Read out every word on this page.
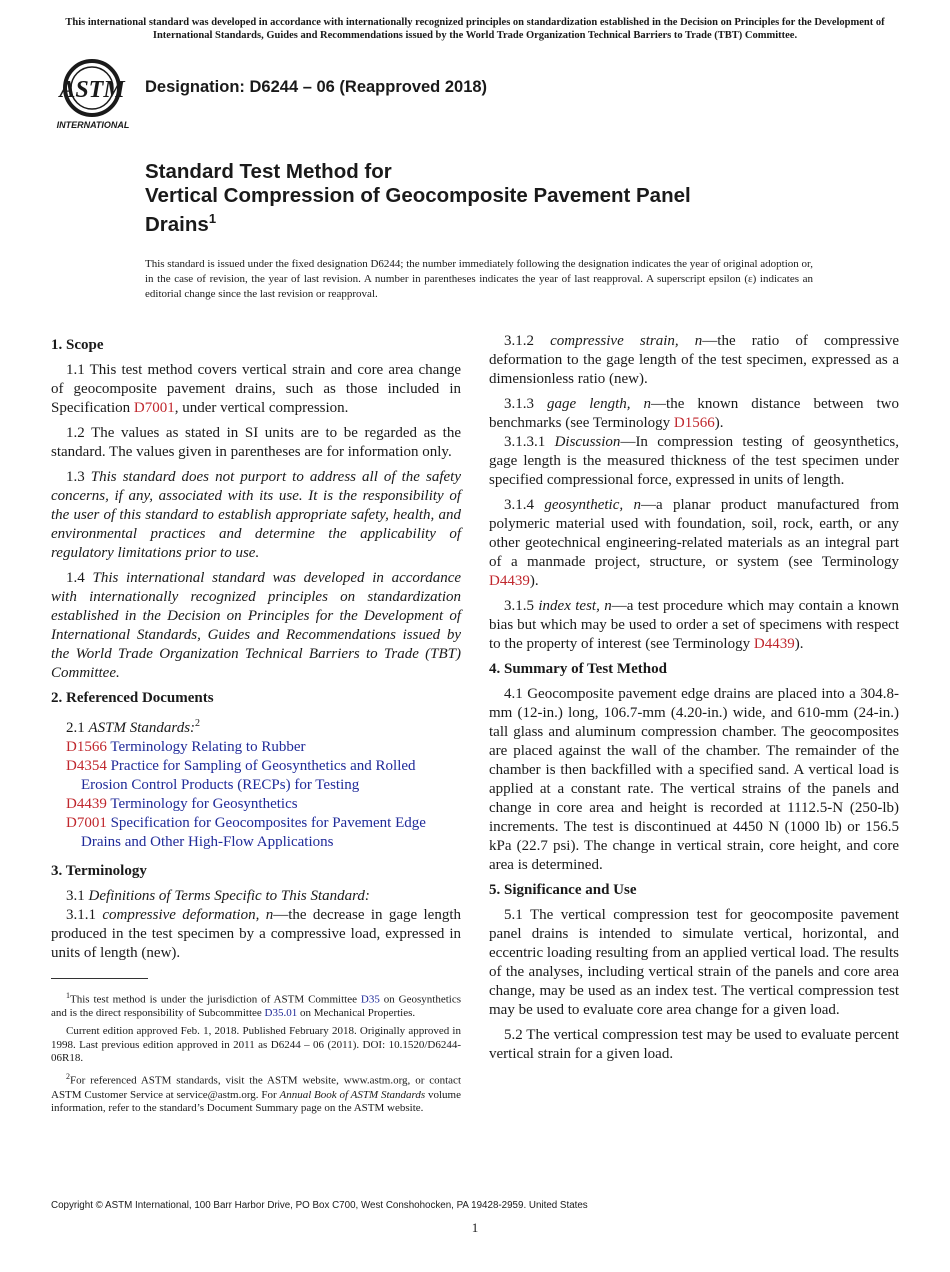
This international standard was developed in accordance with internationally recognized principles on standardization established in the Decision on Principles for the Development of International Standards, Guides and Recommendations issued by the World Trade Organization Technical Barriers to Trade (TBT) Committee.
ASTM
INTERNATIONAL
Designation: D6244 – 06 (Reapproved 2018)
Standard Test Method for
Vertical Compression of Geocomposite Pavement Panel
Drains$^1$
This standard is issued under the fixed designation D6244; the number immediately following the designation indicates the year of original adoption or, in the case of revision, the year of last revision. A number in parentheses indicates the year of last reapproval. A superscript epsilon (ε) indicates an editorial change since the last revision or reapproval.

1. Scope

1.1 This test method covers vertical strain and core area change of geocomposite pavement drains, such as those included in Specification D7001, under vertical compression.

1.2 The values as stated in SI units are to be regarded as the standard. The values given in parentheses are for information only.

1.3 This standard does not purport to address all of the safety concerns, if any, associated with its use. It is the responsibility of the user of this standard to establish appropriate safety, health, and environmental practices and determine the applicability of regulatory limitations prior to use.

1.4 This international standard was developed in accordance with internationally recognized principles on standardization established in the Decision on Principles for the Development of International Standards, Guides and Recommendations issued by the World Trade Organization Technical Barriers to Trade (TBT) Committee.

2. Referenced Documents

2.1 ASTM Standards:$^2$

D1566 Terminology Relating to Rubber

D4354 Practice for Sampling of Geosynthetics and Rolled Erosion Control Products (RECPs) for Testing

D4439 Terminology for Geosynthetics

D7001 Specification for Geocomposites for Pavement Edge Drains and Other High-Flow Applications

3. Terminology

3.1 Definitions of Terms Specific to This Standard:

3.1.1 compressive deformation, n—the decrease in gage length produced in the test specimen by a compressive load, expressed in units of length (new).

$^1$This test method is under the jurisdiction of ASTM Committee D35 on Geosynthetics and is the direct responsibility of Subcommittee D35.01 on Mechanical Properties.

Current edition approved Feb. 1, 2018. Published February 2018. Originally approved in 1998. Last previous edition approved in 2011 as D6244 – 06 (2011). DOI: 10.1520/D6244-06R18.

$^2$For referenced ASTM standards, visit the ASTM website, www.astm.org, or contact ASTM Customer Service at service@astm.org. For Annual Book of ASTM Standards volume information, refer to the standard’s Document Summary page on the ASTM website.

3.1.2 compressive strain, n—the ratio of compressive deformation to the gage length of the test specimen, expressed as a dimensionless ratio (new).

3.1.3 gage length, n—the known distance between two benchmarks (see Terminology D1566).

3.1.3.1 Discussion—In compression testing of geosynthetics, gage length is the measured thickness of the test specimen under specified compressional force, expressed in units of length.

3.1.4 geosynthetic, n—a planar product manufactured from polymeric material used with foundation, soil, rock, earth, or any other geotechnical engineering-related materials as an integral part of a manmade project, structure, or system (see Terminology D4439).

3.1.5 index test, n—a test procedure which may contain a known bias but which may be used to order a set of specimens with respect to the property of interest (see Terminology D4439).

4. Summary of Test Method

4.1 Geocomposite pavement edge drains are placed into a 304.8-mm (12-in.) long, 106.7-mm (4.20-in.) wide, and 610-mm (24-in.) tall glass and aluminum compression chamber. The geocomposites are placed against the wall of the chamber. The remainder of the chamber is then backfilled with a specified sand. A vertical load is applied at a constant rate. The vertical strains of the panels and change in core area and height is recorded at 1112.5-N (250-lb) increments. The test is discontinued at 4450 N (1000 lb) or 156.5 kPa (22.7 psi). The change in vertical strain, core height, and core area is determined.

5. Significance and Use

5.1 The vertical compression test for geocomposite pavement panel drains is intended to simulate vertical, horizontal, and eccentric loading resulting from an applied vertical load. The results of the analyses, including vertical strain of the panels and core area change, may be used as an index test. The vertical compression test may be used to evaluate core area change for a given load.

5.2 The vertical compression test may be used to evaluate percent vertical strain for a given load.

Copyright © ASTM International, 100 Barr Harbor Drive, PO Box C700, West Conshohocken, PA 19428-2959. United States
1
